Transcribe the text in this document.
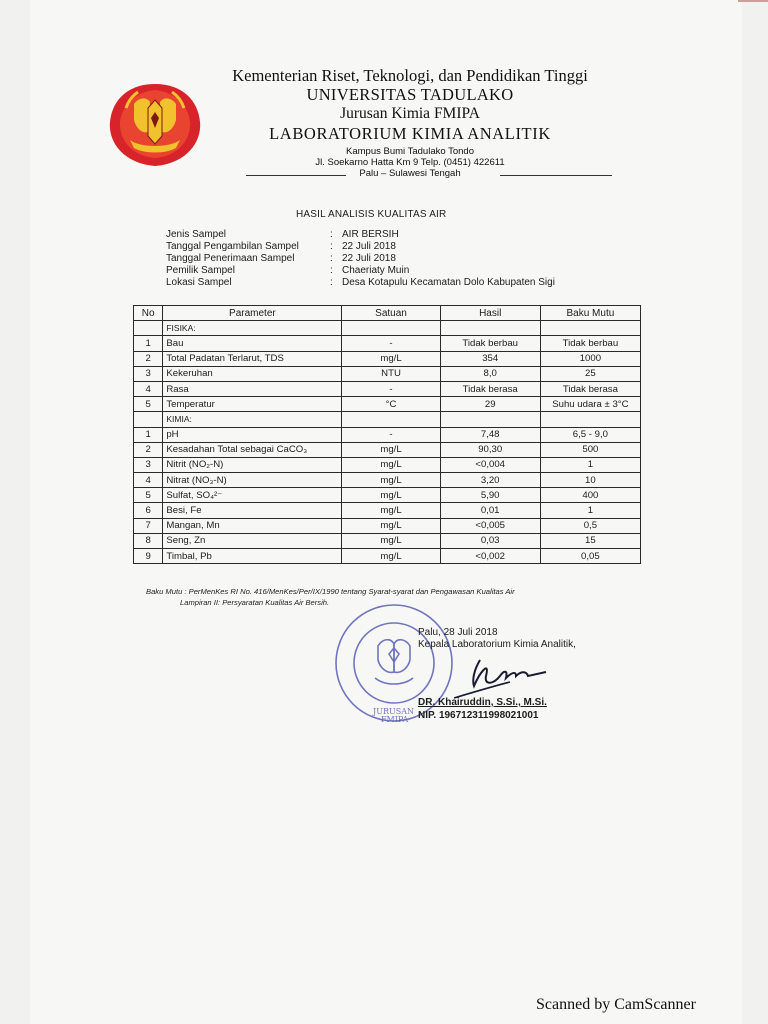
Kementerian Riset, Teknologi, dan Pendidikan Tinggi
UNIVERSITAS TADULAKO
Jurusan Kimia FMIPA
LABORATORIUM KIMIA ANALITIK
Kampus Bumi Tadulako Tondo
Jl. Soekarno Hatta Km 9 Telp. (0451) 422611
Palu – Sulawesi Tengah
HASIL ANALISIS KUALITAS AIR
Jenis Sampel	: AIR BERSIH
Tanggal Pengambilan Sampel	: 22 Juli 2018
Tanggal Penerimaan Sampel	: 22 Juli 2018
Pemilik Sampel	: Chaeriaty Muin
Lokasi Sampel	: Desa Kotapulu Kecamatan Dolo Kabupaten Sigi
No	Parameter	Satuan	Hasil	Baku Mutu
	FISIKA:			
1	Bau	-	Tidak berbau	Tidak berbau
2	Total Padatan Terlarut, TDS	mg/L	354	1000
3	Kekeruhan	NTU	8,0	25
4	Rasa	-	Tidak berasa	Tidak berasa
5	Temperatur	°C	29	Suhu udara ± 3°C
	KIMIA:			
1	pH	-	7,48	6,5 - 9,0
2	Kesadahan Total sebagai CaCO₃	mg/L	90,30	500
3	Nitrit (NO₂-N)	mg/L	<0,004	1
4	Nitrat (NO₃-N)	mg/L	3,20	10
5	Sulfat, SO₄²⁻	mg/L	5,90	400
6	Besi, Fe	mg/L	0,01	1
7	Mangan, Mn	mg/L	<0,005	0,5
8	Seng, Zn	mg/L	0,03	15
9	Timbal, Pb	mg/L	<0,002	0,05
Baku Mutu : PerMenKes RI No. 416/MenKes/Per/IX/1990 tentang Syarat-syarat dan Pengawasan Kualitas Air
Lampiran II: Persyaratan Kualitas Air Bersih.
JURUSAN
FMIPA
Palu, 28 Juli 2018
Kepala Laboratorium Kimia Analitik,
DR. Khairuddin, S.Si., M.Si.
NIP. 196712311998021001
Scanned by CamScanner
